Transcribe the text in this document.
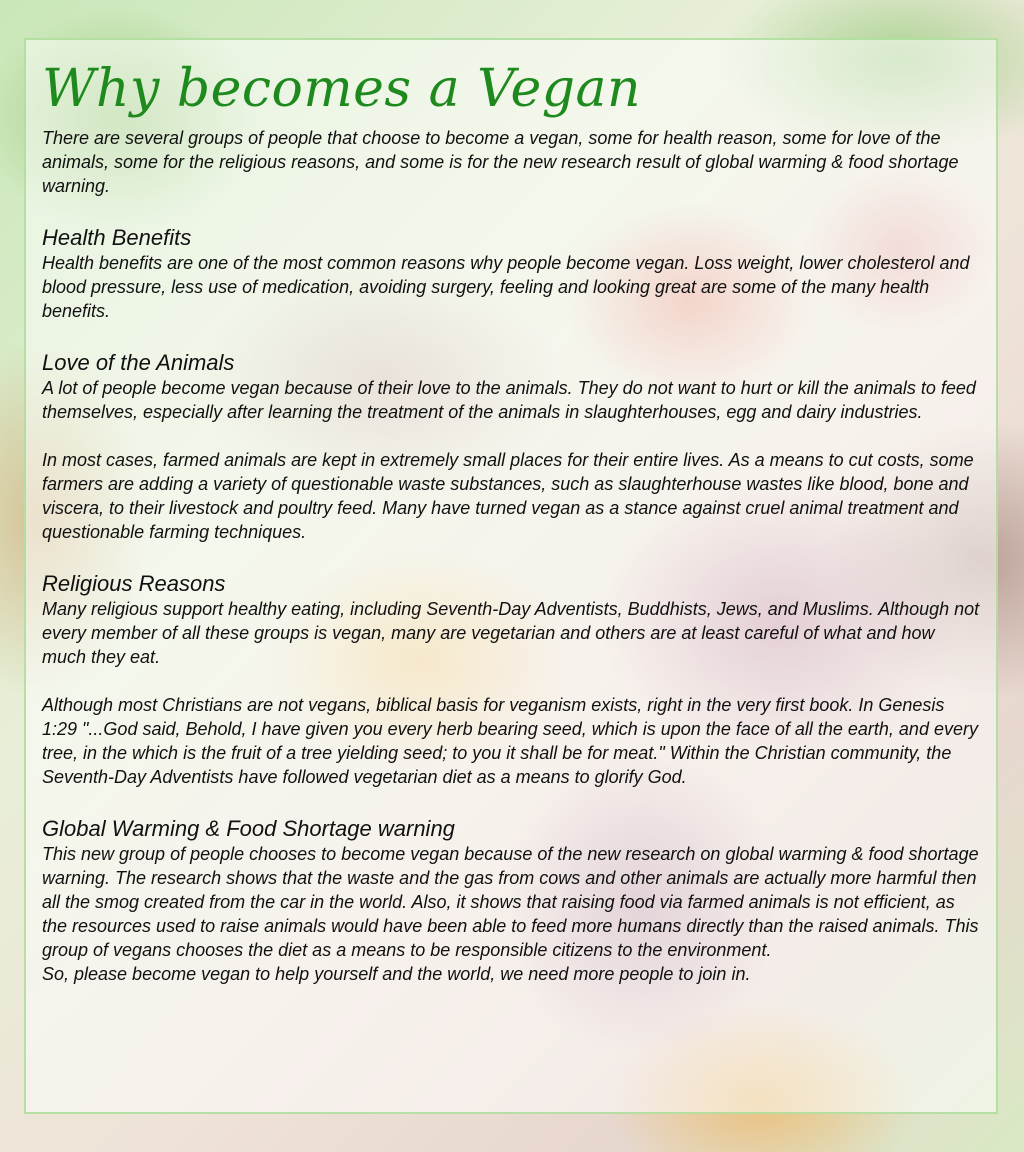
Why becomes a Vegan

There are several groups of people that choose to become a vegan, some for health reason, some for love of the animals, some for the religious reasons, and some is for the new research result of global warming & food shortage warning.

Health Benefits

Health benefits are one of the most common reasons why people become vegan. Loss weight, lower cholesterol and blood pressure, less use of medication, avoiding surgery, feeling and looking great are some of the many health benefits.

Love of the Animals

A lot of people become vegan because of their love to the animals. They do not want to hurt or kill the animals to feed themselves, especially after learning the treatment of the animals in slaughterhouses, egg and dairy industries.

In most cases, farmed animals are kept in extremely small places for their entire lives. As a means to cut costs, some farmers are adding a variety of questionable waste substances, such as slaughterhouse wastes like blood, bone and viscera, to their livestock and poultry feed. Many have turned vegan as a stance against cruel animal treatment and questionable farming techniques.

Religious Reasons

Many religious support healthy eating, including Seventh-Day Adventists, Buddhists, Jews, and Muslims. Although not every member of all these groups is vegan, many are vegetarian and others are at least careful of what and how much they eat.

Although most Christians are not vegans, biblical basis for veganism exists, right in the very first book. In Genesis 1:29 "...God said, Behold, I have given you every herb bearing seed, which is upon the face of all the earth, and every tree, in the which is the fruit of a tree yielding seed; to you it shall be for meat." Within the Christian community, the Seventh-Day Adventists have followed vegetarian diet as a means to glorify God.

Global Warming & Food Shortage warning

This new group of people chooses to become vegan because of the new research on global warming & food shortage warning. The research shows that the waste and the gas from cows and other animals are actually more harmful then all the smog created from the car in the world. Also, it shows that raising food via farmed animals is not efficient, as the resources used to raise animals would have been able to feed more humans directly than the raised animals. This group of vegans chooses the diet as a means to be responsible citizens to the environment.

So, please become vegan to help yourself and the world, we need more people to join in.
